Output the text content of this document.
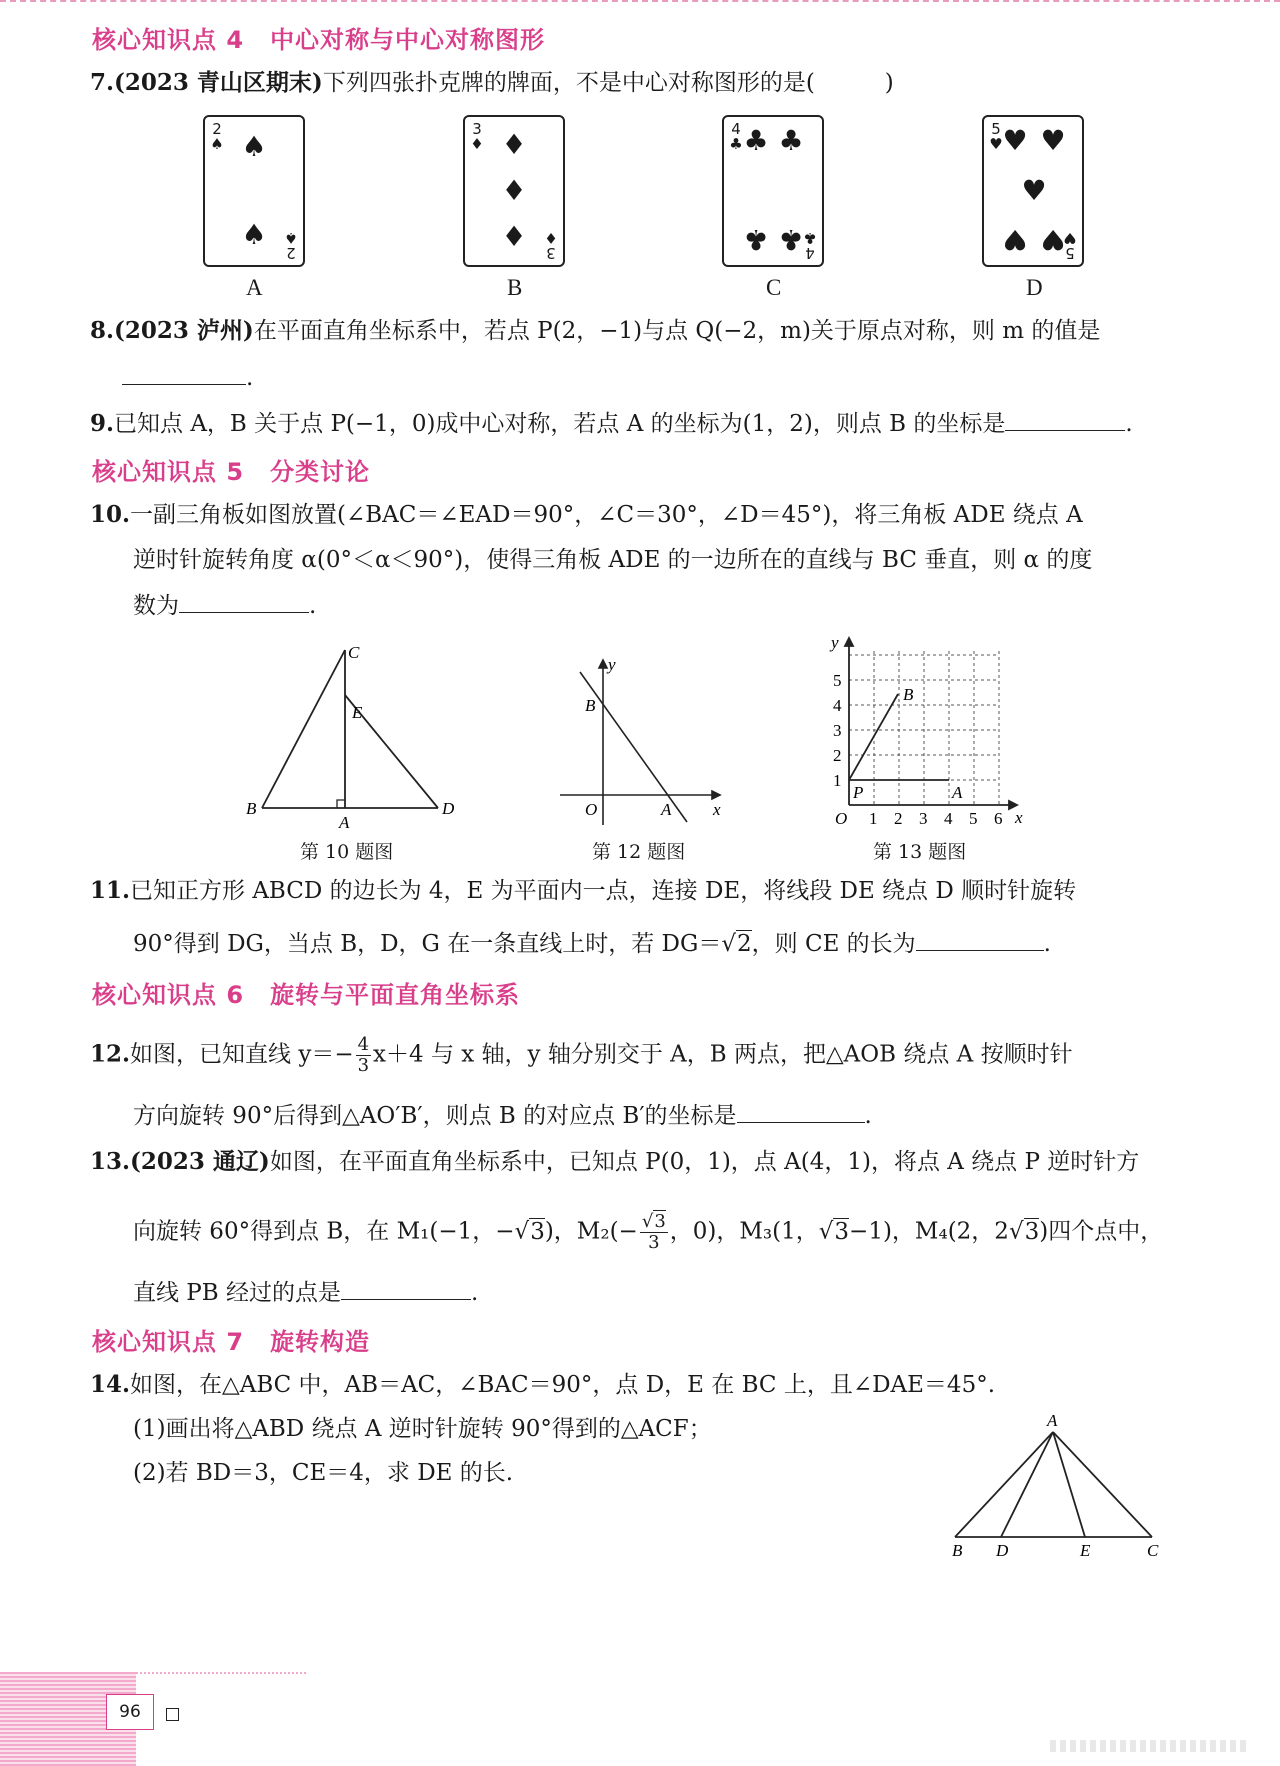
核心知识点 4 中心对称与中心对称图形
7.(2023 青山区期末)下列四张扑克牌的牌面，不是中心对称图形的是(	)
2
♠
2
♠
♠
♠
A
3
♦
3
♦
♦
♦
♦
B
4
♣
4
♣
♣ ♣
♣ ♣
C
5
♥
5
♥
♥ ♥
♥
♥ ♥
D
8.(2023 泸州)在平面直角坐标系中，若点 P(2，−1)与点 Q(−2，m)关于原点对称，则 m 的值是
.
9.已知点 A，B 关于点 P(−1，0)成中心对称，若点 A 的坐标为(1，2)，则点 B 的坐标是	.
核心知识点 5 分类讨论
10.一副三角板如图放置(∠BAC＝∠EAD＝90°，∠C＝30°，∠D＝45°)，将三角板 ADE 绕点 A
逆时针旋转角度 α(0°＜α＜90°)，使得三角板 ADE 的一边所在的直线与 BC 垂直，则 α 的度
数为	.
C
E
B
A
D
第 10 题图
y
B
O	A x
第 12 题图
y
B
P	A
O	x
1 2 3 4 5 6
1
2
3
4
5
第 13 题图
11.已知正方形 ABCD 的边长为 4，E 为平面内一点，连接 DE，将线段 DE 绕点 D 顺时针旋转
90°得到 DG，当点 B，D，G 在一条直线上时，若 DG＝√2，则 CE 的长为	.
核心知识点 6 旋转与平面直角坐标系
12.如图，已知直线 $y=- \frac{4}{3} x+4$ 与 x 轴，y 轴分别交于 A，B 两点，把△AOB 绕点 A 按顺时针
方向旋转 90°后得到△AO′B′，则点 B 的对应点 B′的坐标是	.
13.(2023 通辽)如图，在平面直角坐标系中，已知点 P(0，1)，点 A(4，1)，将点 A 绕点 P 逆时针方
向旋转 60°得到点 B，在 M₁(−1，−√3)，$M_2(- \frac{√3}{3}$ ，0)，M₃(1，√3−1)，M₄(2，2√3)四个点中，
直线 PB 经过的点是	.
核心知识点 7 旋转构造
14.如图，在△ABC 中，AB＝AC，∠BAC＝90°，点 D，E 在 BC 上，且∠DAE＝45°.
(1)画出将△ABD 绕点 A 逆时针旋转 90°得到的△ACF；
(2)若 BD＝3，CE＝4，求 DE 的长.
A
B D	E	C
96
